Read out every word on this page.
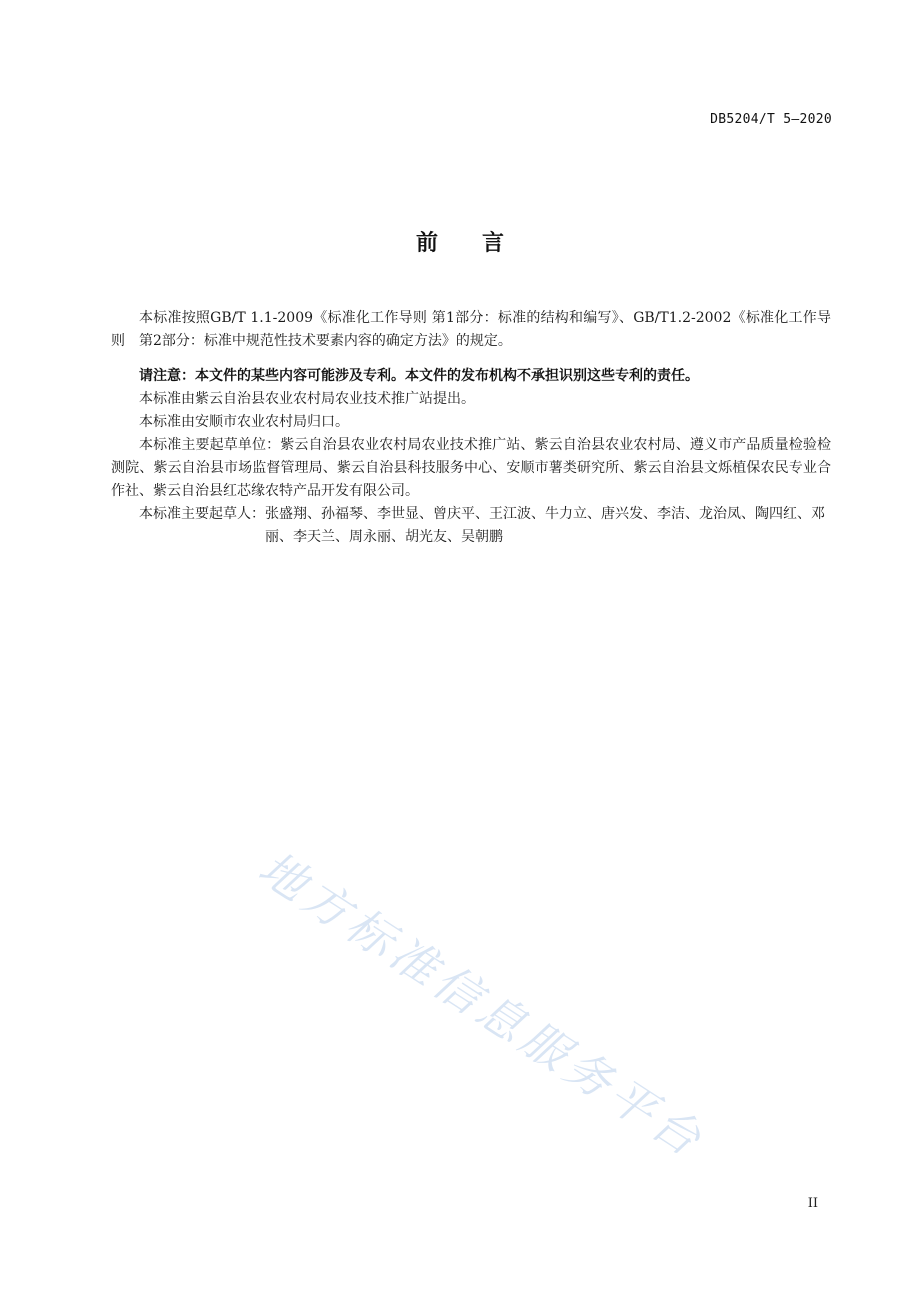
DB5204/T 5—2020
前言

本标准按照GB/T 1.1-2009《标准化工作导则 第1部分：标准的结构和编写》、GB/T1.2-2002《标准化工作导则　第2部分：标准中规范性技术要素内容的确定方法》的规定。

请注意：本文件的某些内容可能涉及专利。本文件的发布机构不承担识别这些专利的责任。

本标准由紫云自治县农业农村局农业技术推广站提出。

本标准由安顺市农业农村局归口。

本标准主要起草单位：紫云自治县农业农村局农业技术推广站、紫云自治县农业农村局、遵义市产品质量检验检测院、紫云自治县市场监督管理局、紫云自治县科技服务中心、安顺市薯类研究所、紫云自治县文烁植保农民专业合作社、紫云自治县红芯缘农特产品开发有限公司。

本标准主要起草人： 张盛翔、孙福琴、李世显、曾庆平、王江波、牛力立、唐兴发、李洁、龙治凤、陶四红、邓丽、李天兰、周永丽、胡光友、吴朝鹏
地方标准信息服务平台
II
